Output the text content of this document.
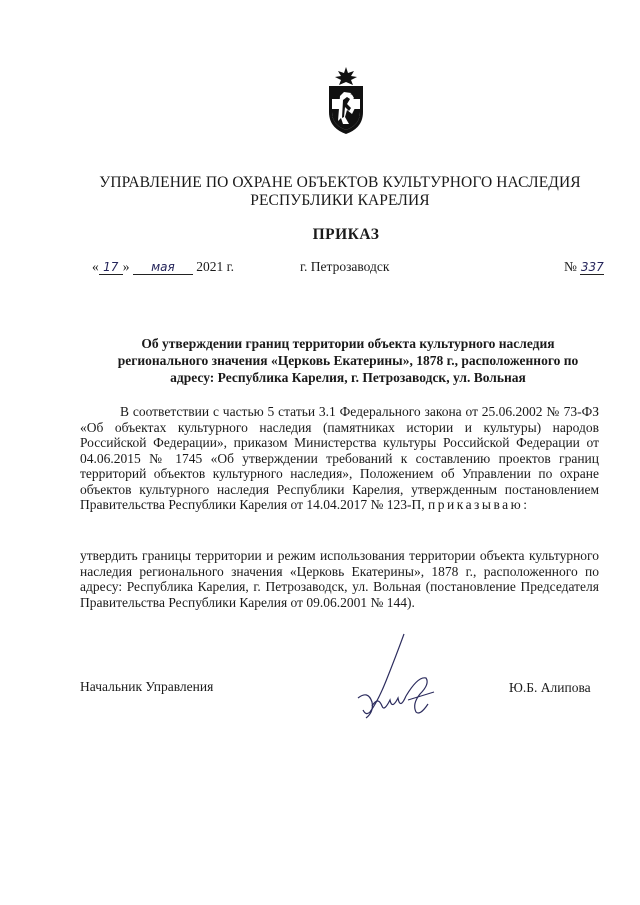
УПРАВЛЕНИЕ ПО ОХРАНЕ ОБЪЕКТОВ КУЛЬТУРНОГО НАСЛЕДИЯ
РЕСПУБЛИКИ КАРЕЛИЯ
ПРИКАЗ
« 17 » мая 2021 г.	г. Петрозаводск	№ 337
Об утверждении границ территории объекта культурного наследия
регионального значения «Церковь Екатерины», 1878 г., расположенного по
адресу: Республика Карелия, г. Петрозаводск, ул. Вольная

В соответствии с частью 5 статьи 3.1 Федерального закона от 25.06.2002 № 73-ФЗ «Об объектах культурного наследия (памятниках истории и культуры) народов Российской Федерации», приказом Министерства культуры Российской Федерации от 04.06.2015 № 1745 «Об утверждении требований к составлению проектов границ территорий объектов культурного наследия», Положением об Управлении по охране объектов культурного наследия Республики Карелия, утвержденным постановлением Правительства Республики Карелия от 14.04.2017 № 123-П, приказываю:

утвердить границы территории и режим использования территории объекта культурного наследия регионального значения «Церковь Екатерины», 1878 г., расположенного по адресу: Республика Карелия, г. Петрозаводск, ул. Вольная (постановление Председателя Правительства Республики Карелия от 09.06.2001 № 144).

Начальник Управления	Ю.Б. Алипова
